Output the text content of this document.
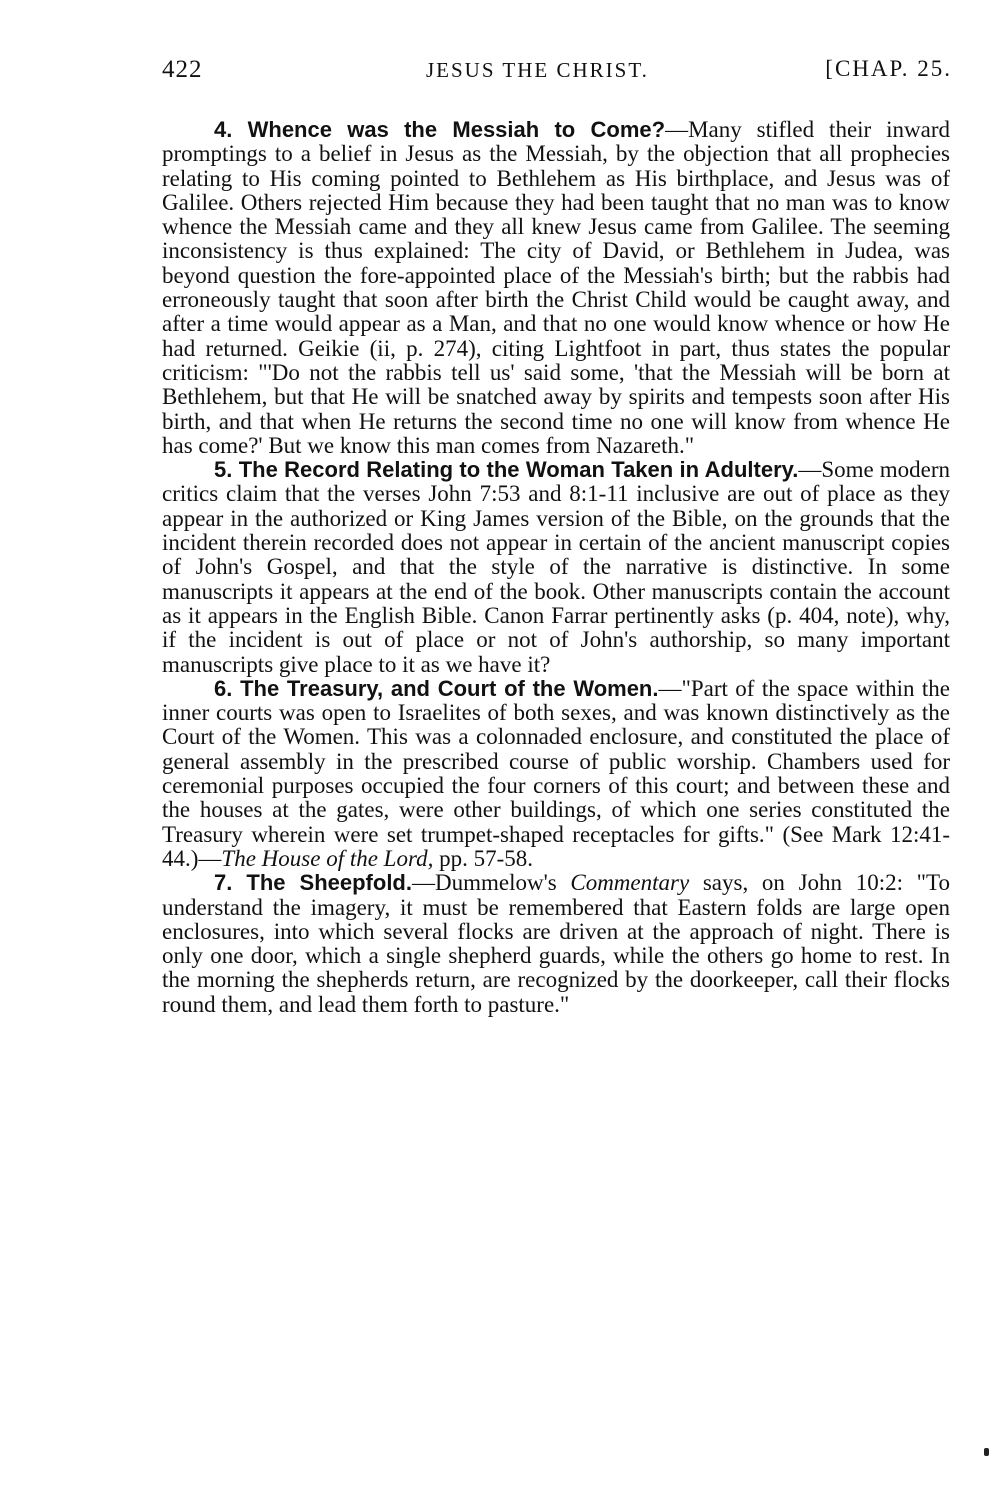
422	JESUS THE CHRIST.	[CHAP. 25.

4. Whence was the Messiah to Come?—Many stifled their inward promptings to a belief in Jesus as the Messiah, by the objection that all prophecies relating to His coming pointed to Bethlehem as His birthplace, and Jesus was of Galilee. Others rejected Him because they had been taught that no man was to know whence the Messiah came and they all knew Jesus came from Galilee. The seeming inconsistency is thus explained: The city of David, or Bethlehem in Judea, was beyond question the fore-appointed place of the Messiah's birth; but the rabbis had erroneously taught that soon after birth the Christ Child would be caught away, and after a time would appear as a Man, and that no one would know whence or how He had returned. Geikie (ii, p. 274), citing Lightfoot in part, thus states the popular criticism: "'Do not the rabbis tell us' said some, 'that the Messiah will be born at Bethlehem, but that He will be snatched away by spirits and tempests soon after His birth, and that when He returns the second time no one will know from whence He has come?' But we know this man comes from Nazareth."

5. The Record Relating to the Woman Taken in Adultery.—Some modern critics claim that the verses John 7:53 and 8:1-11 inclusive are out of place as they appear in the authorized or King James version of the Bible, on the grounds that the incident therein recorded does not appear in certain of the ancient manuscript copies of John's Gospel, and that the style of the narrative is distinctive. In some manuscripts it appears at the end of the book. Other manuscripts contain the account as it appears in the English Bible. Canon Farrar pertinently asks (p. 404, note), why, if the incident is out of place or not of John's authorship, so many important manuscripts give place to it as we have it?

6. The Treasury, and Court of the Women.—"Part of the space within the inner courts was open to Israelites of both sexes, and was known distinctively as the Court of the Women. This was a colonnaded enclosure, and constituted the place of general assembly in the prescribed course of public worship. Chambers used for ceremonial purposes occupied the four corners of this court; and between these and the houses at the gates, were other buildings, of which one series constituted the Treasury wherein were set trumpet-shaped receptacles for gifts." (See Mark 12:41-44.)—The House of the Lord, pp. 57-58.

7. The Sheepfold.—Dummelow's Commentary says, on John 10:2: "To understand the imagery, it must be remembered that Eastern folds are large open enclosures, into which several flocks are driven at the approach of night. There is only one door, which a single shepherd guards, while the others go home to rest. In the morning the shepherds return, are recognized by the doorkeeper, call their flocks round them, and lead them forth to pasture."
